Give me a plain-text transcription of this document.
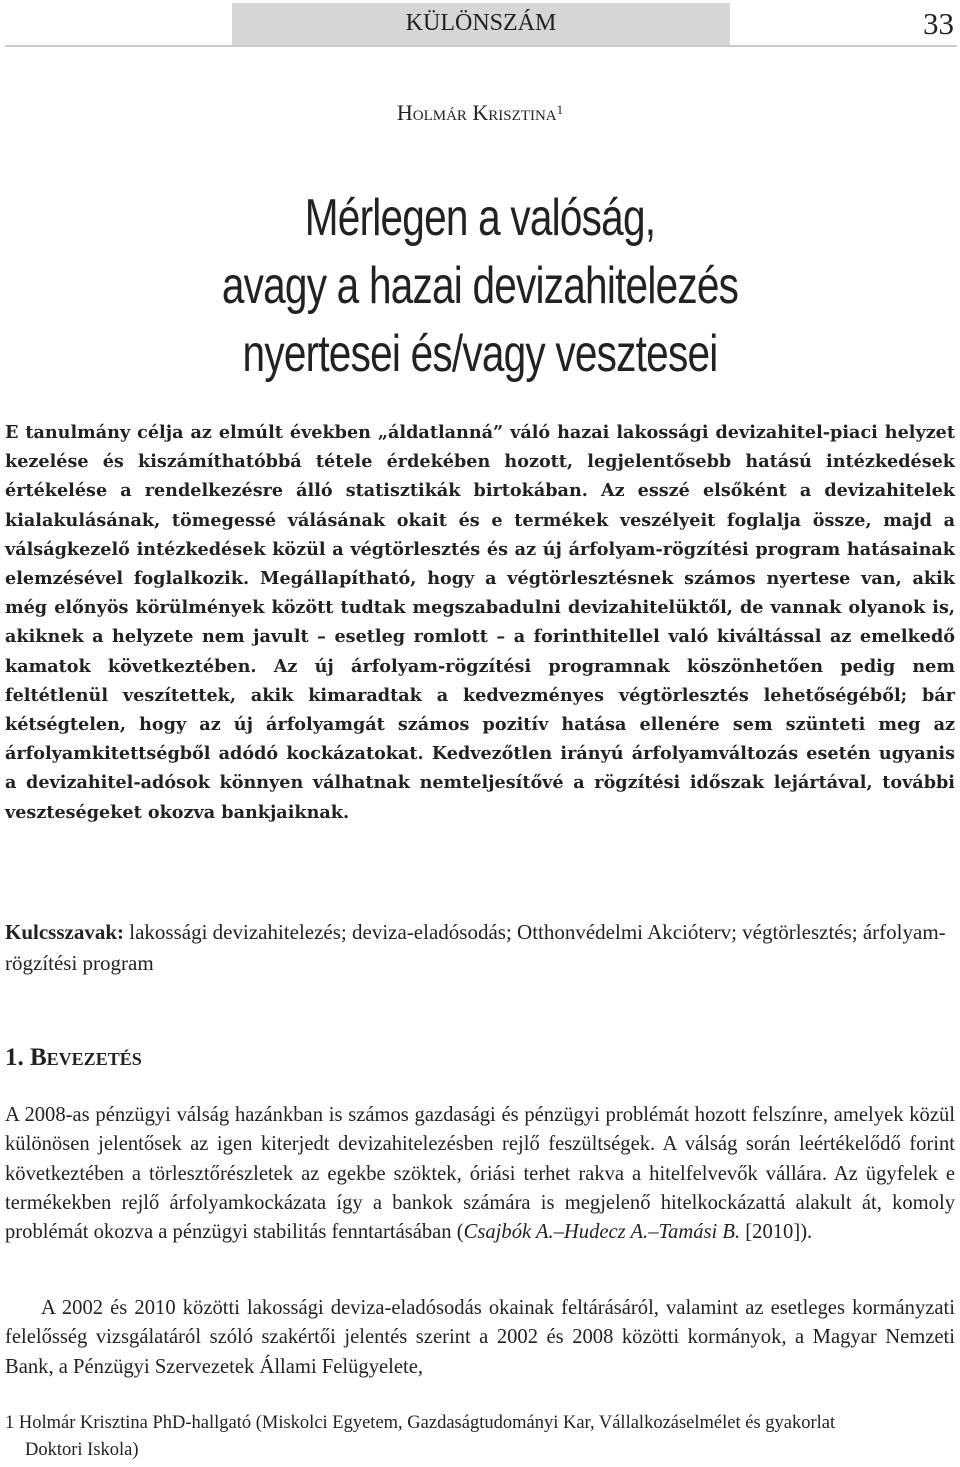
KÜLÖNSZÁM	33
Holmár Krisztina$^1$
Mérlegen a valóság,
avagy a hazai devizahitelezés
nyertesei és/vagy vesztesei
E tanulmány célja az elmúlt években „áldatlanná” váló hazai lakossági devizahitel-piaci helyzet kezelése és kiszámíthatóbbá tétele érdekében hozott, legjelentősebb hatású intézkedések értékelése a rendelkezésre álló statisztikák birtokában. Az esszé elsőként a devizahitelek kialakulásának, tömegessé válásának okait és e termékek veszélyeit foglalja össze, majd a válságkezelő intézkedések közül a végtörlesztés és az új árfolyam-rögzítési program hatásainak elemzésével foglalkozik. Megállapítható, hogy a végtörlesztésnek számos nyertese van, akik még előnyös körülmények között tudtak megszabadulni devizahitelüktől, de vannak olyanok is, akiknek a helyzete nem javult – esetleg romlott – a forinthitellel való kiváltással az emelkedő kamatok következtében. Az új árfolyam-rögzítési programnak köszönhetően pedig nem feltétlenül veszítettek, akik kimaradtak a kedvezményes végtörlesztés lehetőségéből; bár kétségtelen, hogy az új árfolyamgát számos pozitív hatása ellenére sem szünteti meg az árfolyamkitettségből adódó kockázatokat. Kedvezőtlen irányú árfolyamváltozás esetén ugyanis a devizahitel-adósok könnyen válhatnak nemteljesítővé a rögzítési időszak lejártával, további veszteségeket okozva bankjaiknak.
Kulcsszavak: lakossági devizahitelezés; deviza-eladósodás; Otthonvédelmi Akcióterv; végtörlesztés; árfolyam-rögzítési program
1. Bevezetés
A 2008-as pénzügyi válság hazánkban is számos gazdasági és pénzügyi problémát hozott felszínre, amelyek közül különösen jelentősek az igen kiterjedt devizahitelezésben rejlő feszültségek. A válság során leértékelődő forint következtében a törlesztőrészletek az egekbe szöktek, óriási terhet rakva a hitelfelvevők vállára. Az ügyfelek e termékekben rejlő árfolyamkockázata így a bankok számára is megjelenő hitelkockázattá alakult át, komoly problémát okozva a pénzügyi stabilitás fenntartásában (Csajbók A.–Hudecz A.–Tamási B. [2010]).
A 2002 és 2010 közötti lakossági deviza-eladósodás okainak feltárásáról, valamint az esetleges kormányzati felelősség vizsgálatáról szóló szakértői jelentés szerint a 2002 és 2008 közötti kormányok, a Magyar Nemzeti Bank, a Pénzügyi Szervezetek Állami Felügyelete,
1 Holmár Krisztina PhD-hallgató (Miskolci Egyetem, Gazdaságtudományi Kar, Vállalkozáselmélet és gyakorlat
Doktori Iskola)
